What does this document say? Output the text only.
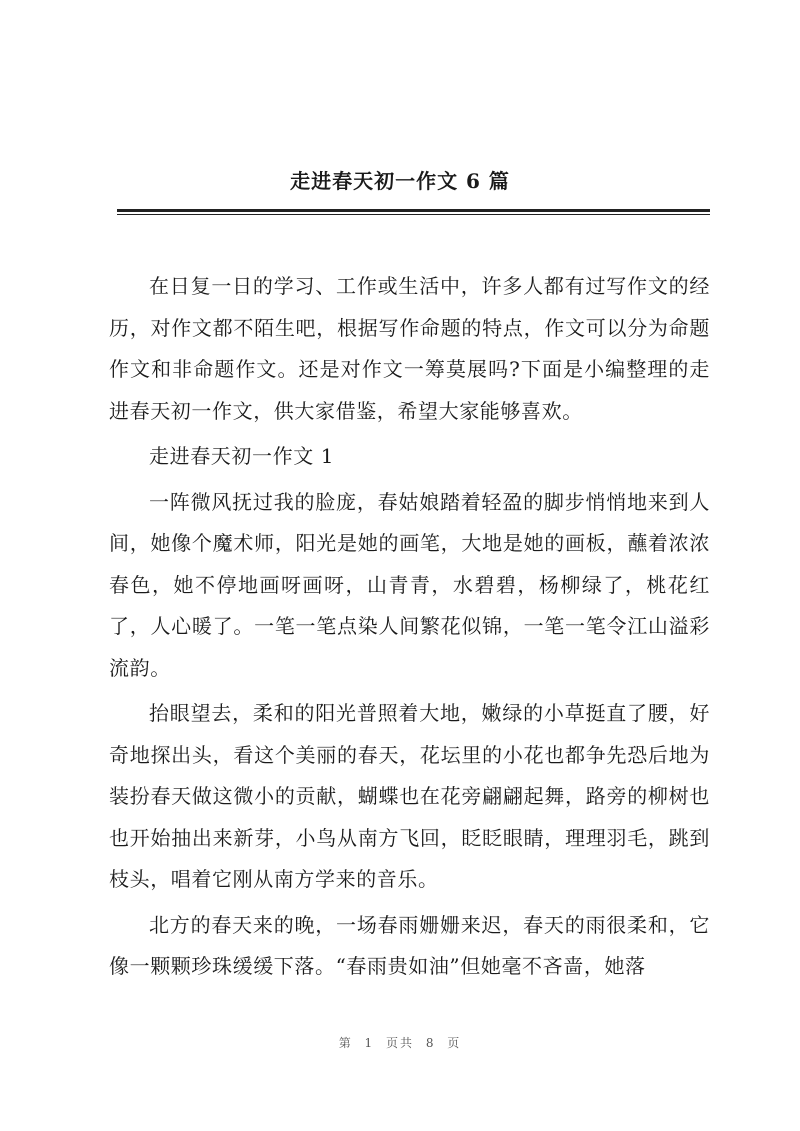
走进春天初一作文 6 篇

在日复一日的学习、工作或生活中，许多人都有过写作文的经历，对作文都不陌生吧，根据写作命题的特点，作文可以分为命题作文和非命题作文。还是对作文一筹莫展吗?下面是小编整理的走进春天初一作文，供大家借鉴，希望大家能够喜欢。

走进春天初一作文 1

一阵微风抚过我的脸庞，春姑娘踏着轻盈的脚步悄悄地来到人间，她像个魔术师，阳光是她的画笔，大地是她的画板，蘸着浓浓春色，她不停地画呀画呀，山青青，水碧碧，杨柳绿了，桃花红了，人心暖了。一笔一笔点染人间繁花似锦，一笔一笔令江山溢彩流韵。

抬眼望去，柔和的阳光普照着大地，嫩绿的小草挺直了腰，好奇地探出头，看这个美丽的春天，花坛里的小花也都争先恐后地为装扮春天做这微小的贡献，蝴蝶也在花旁翩翩起舞，路旁的柳树也也开始抽出来新芽，小鸟从南方飞回，眨眨眼睛，理理羽毛，跳到枝头，唱着它刚从南方学来的音乐。

北方的春天来的晚，一场春雨姗姗来迟，春天的雨很柔和，它像一颗颗珍珠缓缓下落。“春雨贵如油”但她毫不吝啬，她落

第 1 页共 8 页
